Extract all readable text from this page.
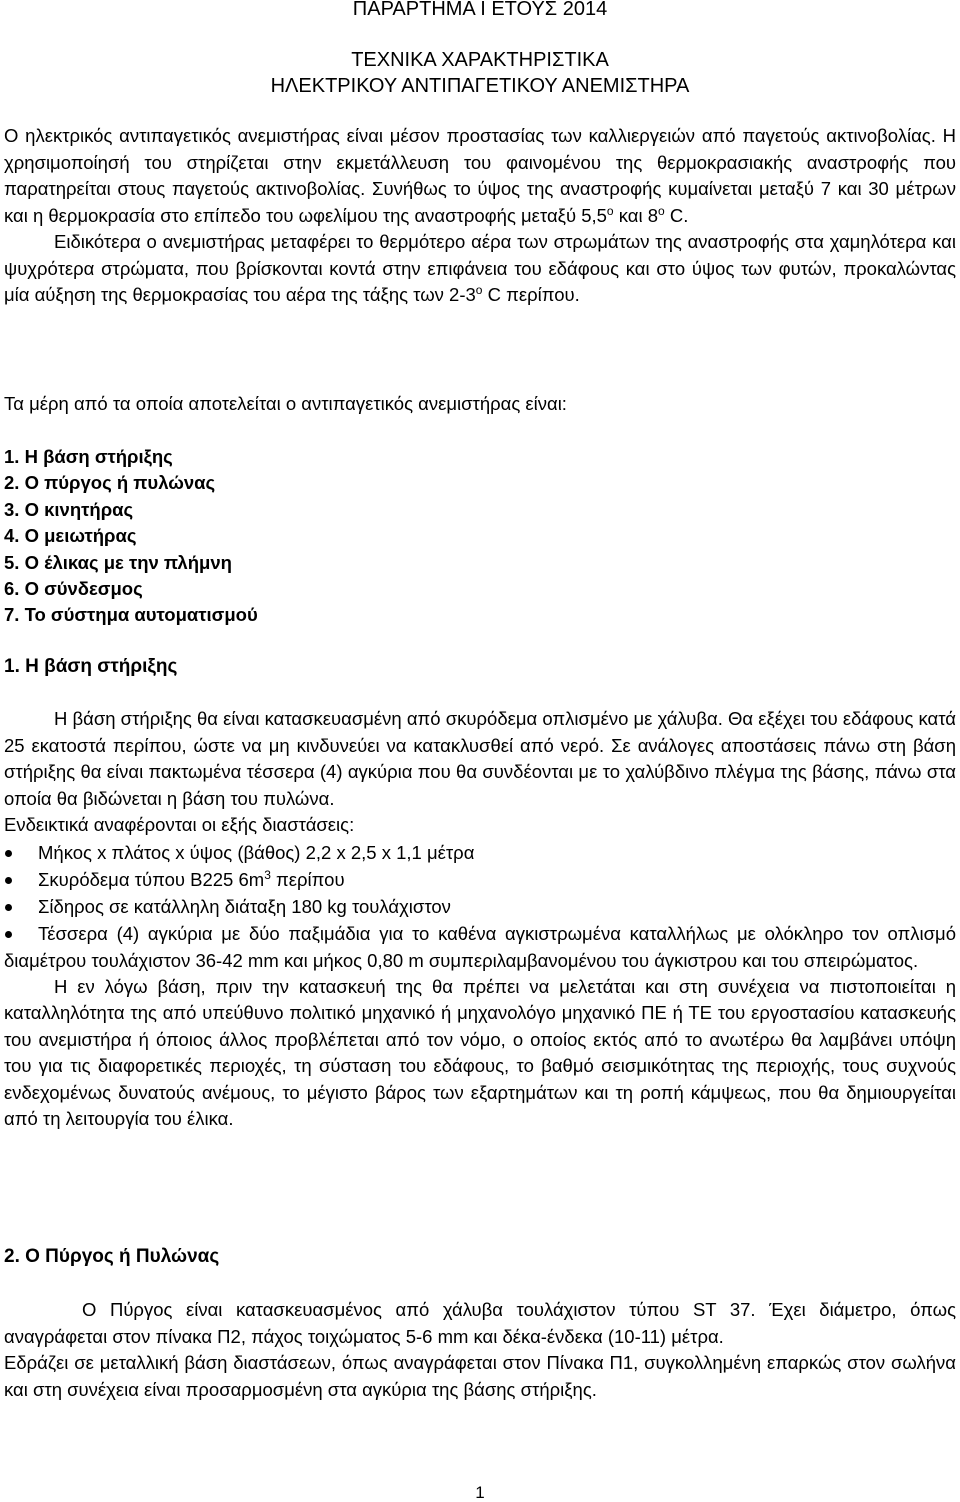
ΠΑΡΑΡΤΗΜΑ Ι ΕΤΟΥΣ 2014

ΤΕΧΝΙΚΑ ΧΑΡΑΚΤΗΡΙΣΤΙΚΑ

ΗΛΕΚΤΡΙΚΟΥ ΑΝΤΙΠΑΓΕΤΙΚΟΥ ΑΝΕΜΙΣΤΗΡΑ

Ο ηλεκτρικός αντιπαγετικός ανεμιστήρας είναι μέσον προστασίας των καλλιεργειών από παγετούς ακτινοβολίας. Η χρησιμοποίησή του στηρίζεται στην εκμετάλλευση του φαινομένου της θερμοκρασιακής αναστροφής που παρατηρείται στους παγετούς ακτινοβολίας. Συνήθως το ύψος της αναστροφής κυμαίνεται μεταξύ 7 και 30 μέτρων και η θερμοκρασία στο επίπεδο του ωφελίμου της αναστροφής μεταξύ $5,5^o$ και $8^o$ C.

Ειδικότερα ο ανεμιστήρας μεταφέρει το θερμότερο αέρα των στρωμάτων της αναστροφής στα χαμηλότερα και ψυχρότερα στρώματα, που βρίσκονται κοντά στην επιφάνεια του εδάφους και στο ύψος των φυτών, προκαλώντας μία αύξηση της θερμοκρασίας του αέρα της τάξης των $2-3^o$ C περίπου.

Τα μέρη από τα οποία αποτελείται ο αντιπαγετικός ανεμιστήρας είναι:

1. Η βάση στήριξης
2. Ο πύργος ή πυλώνας
3. Ο κινητήρας
4. Ο μειωτήρας
5. Ο έλικας με την πλήμνη
6. Ο σύνδεσμος
7. Το σύστημα αυτοματισμού
1. Η βάση στήριξης

Η βάση στήριξης θα είναι κατασκευασμένη από σκυρόδεμα οπλισμένο με χάλυβα. Θα εξέχει του εδάφους κατά 25 εκατοστά περίπου, ώστε να μη κινδυνεύει να κατακλυσθεί από νερό. Σε ανάλογες αποστάσεις πάνω στη βάση στήριξης θα είναι πακτωμένα τέσσερα (4) αγκύρια που θα συνδέονται με το χαλύβδινο πλέγμα της βάσης, πάνω στα οποία θα βιδώνεται η βάση του πυλώνα.

Ενδεικτικά αναφέρονται οι εξής διαστάσεις:

Μήκος x πλάτος x ύψος (βάθος) 2,2 x 2,5 x 1,1 μέτρα
Σκυρόδεμα τύπου Β225 $6m^3$ περίπου
Σίδηρος σε κατάλληλη διάταξη 180 kg τουλάχιστον
Τέσσερα (4) αγκύρια με δύο παξιμάδια για το καθένα αγκιστρωμένα καταλλήλως με ολόκληρο τον οπλισμό διαμέτρου τουλάχιστον 36-42 mm και μήκος 0,80 m συμπεριλαμβανομένου του άγκιστρου και του σπειρώματος.

Η εν λόγω βάση, πριν την κατασκευή της θα πρέπει να μελετάται και στη συνέχεια να πιστοποιείται η καταλληλότητα της από υπεύθυνο πολιτικό μηχανικό ή μηχανολόγο μηχανικό ΠΕ ή ΤΕ του εργοστασίου κατασκευής του ανεμιστήρα ή όποιος άλλος προβλέπεται από τον νόμο, ο οποίος εκτός από το ανωτέρω θα λαμβάνει υπόψη του για τις διαφορετικές περιοχές, τη σύσταση του εδάφους, το βαθμό σεισμικότητας της περιοχής, τους συχνούς ενδεχομένως δυνατούς ανέμους, το μέγιστο βάρος των εξαρτημάτων και τη ροπή κάμψεως, που θα δημιουργείται από τη λειτουργία του έλικα.

2. Ο Πύργος ή Πυλώνας

Ο Πύργος είναι κατασκευασμένος από χάλυβα τουλάχιστον τύπου ST 37. Έχει διάμετρο, όπως αναγράφεται στον πίνακα Π2, πάχος τοιχώματος 5-6 mm και δέκα-ένδεκα (10-11) μέτρα.

Εδράζει σε μεταλλική βάση διαστάσεων, όπως αναγράφεται στον Πίνακα Π1, συγκολλημένη επαρκώς στον σωλήνα και στη συνέχεια είναι προσαρμοσμένη στα αγκύρια της βάσης στήριξης.

1
